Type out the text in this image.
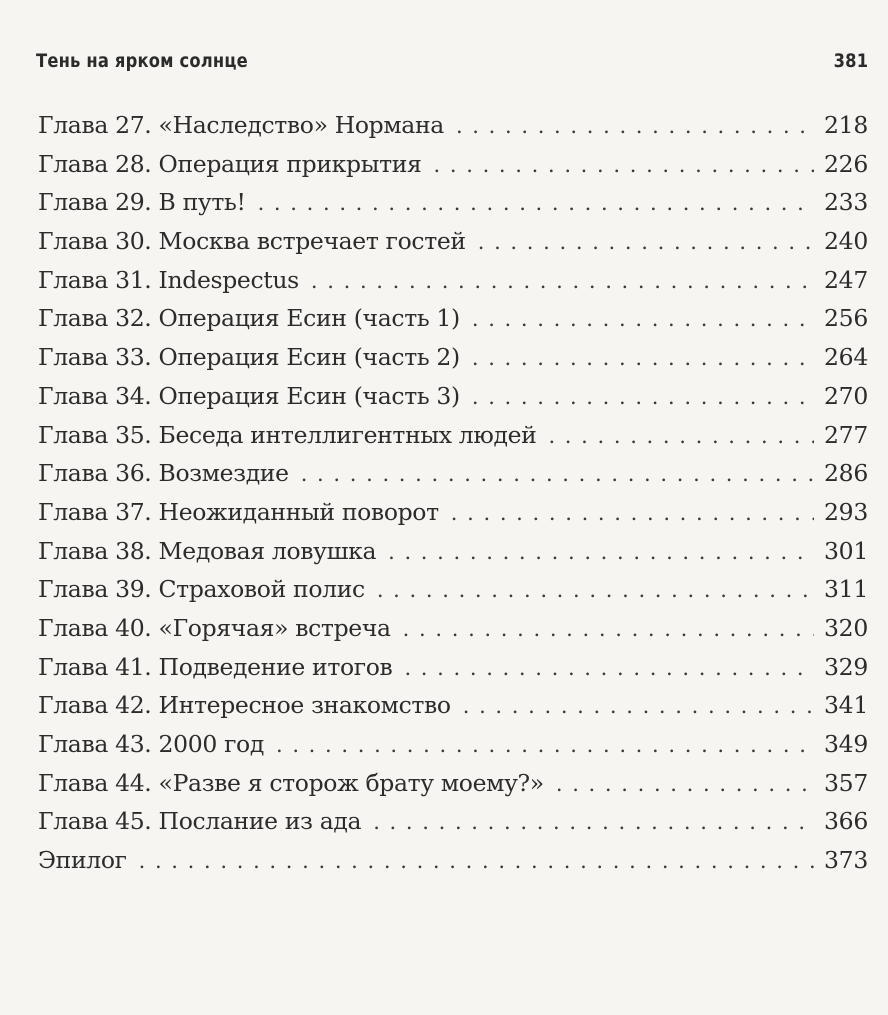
Тень на ярком солнце	381
Глава 27. «Наследство» Нормана . . .	218
Глава 28. Операция прикрытия . . .	226
Глава 29. В путь! . . .	233
Глава 30. Москва встречает гостей . . .	240
Глава 31. Indespectus . . .	247
Глава 32. Операция Есин (часть 1) . . .	256
Глава 33. Операция Есин (часть 2) . . .	264
Глава 34. Операция Есин (часть 3) . . .	270
Глава 35. Беседа интеллигентных людей . . .	277
Глава 36. Возмездие . . .	286
Глава 37. Неожиданный поворот . . .	293
Глава 38. Медовая ловушка . . .	301
Глава 39. Страховой полис . . .	311
Глава 40. «Горячая» встреча . . .	320
Глава 41. Подведение итогов . . .	329
Глава 42. Интересное знакомство . . .	341
Глава 43. 2000 год . . .	349
Глава 44. «Разве я сторож брату моему?» . . .	357
Глава 45. Послание из ада . . .	366
Эпилог . . .	373
